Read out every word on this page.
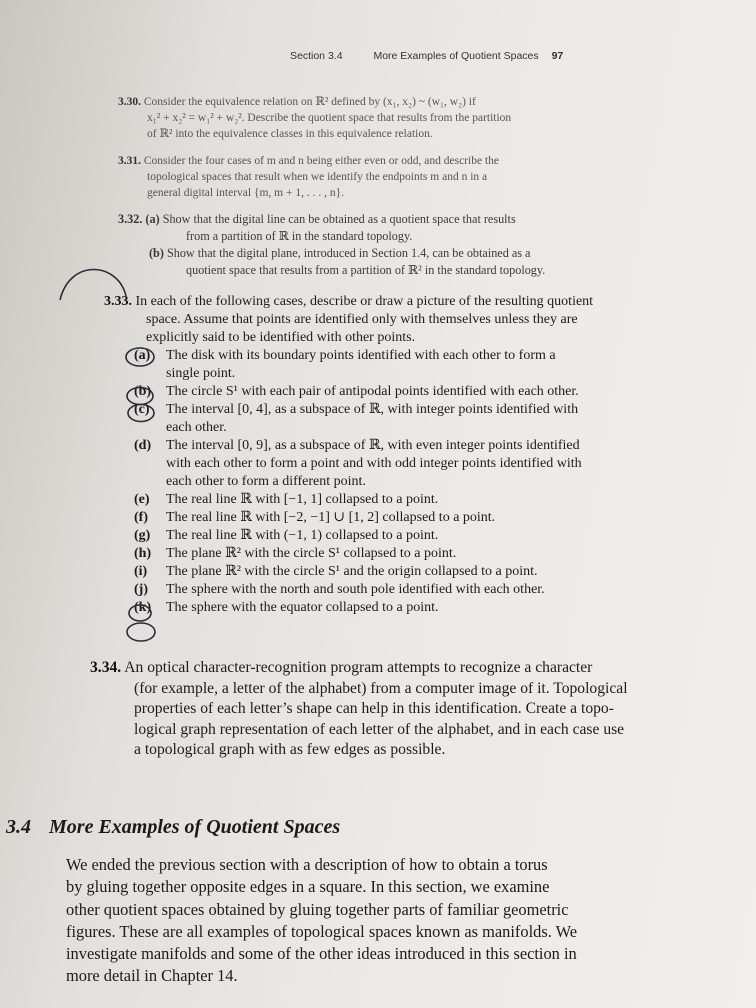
Section 3.4	More Examples of Quotient Spaces 97
3.30. Consider the equivalence relation on ℝ² defined by (x₁, x₂) ~ (w₁, w₂) if
x₁² + x₂² = w₁² + w₂². Describe the quotient space that results from the partition
of ℝ² into the equivalence classes in this equivalence relation.
3.31. Consider the four cases of m and n being either even or odd, and describe the
topological spaces that result when we identify the endpoints m and n in a
general digital interval {m, m + 1, . . . , n}.
3.32. (a) Show that the digital line can be obtained as a quotient space that results
from a partition of ℝ in the standard topology.
(b) Show that the digital plane, introduced in Section 1.4, can be obtained as a
quotient space that results from a partition of ℝ² in the standard topology.
3.33. In each of the following cases, describe or draw a picture of the resulting quotient
space. Assume that points are identified only with themselves unless they are
explicitly said to be identified with other points.
(a) The disk with its boundary points identified with each other to form a
single point.
(b) The circle S¹ with each pair of antipodal points identified with each other.
(c) The interval [0, 4], as a subspace of ℝ, with integer points identified with
each other.
(d) The interval [0, 9], as a subspace of ℝ, with even integer points identified
with each other to form a point and with odd integer points identified with
each other to form a different point.
(e) The real line ℝ with [−1, 1] collapsed to a point.
(f) The real line ℝ with [−2, −1] ∪ [1, 2] collapsed to a point.
(g) The real line ℝ with (−1, 1) collapsed to a point.
(h) The plane ℝ² with the circle S¹ collapsed to a point.
(i) The plane ℝ² with the circle S¹ and the origin collapsed to a point.
(j) The sphere with the north and south pole identified with each other.
(k) The sphere with the equator collapsed to a point.
3.34. An optical character-recognition program attempts to recognize a character
(for example, a letter of the alphabet) from a computer image of it. Topological
properties of each letter’s shape can help in this identification. Create a topo-
logical graph representation of each letter of the alphabet, and in each case use
a topological graph with as few edges as possible.
3.4 More Examples of Quotient Spaces
We ended the previous section with a description of how to obtain a torus
by gluing together opposite edges in a square. In this section, we examine
other quotient spaces obtained by gluing together parts of familiar geometric
figures. These are all examples of topological spaces known as manifolds. We
investigate manifolds and some of the other ideas introduced in this section in
more detail in Chapter 14.
